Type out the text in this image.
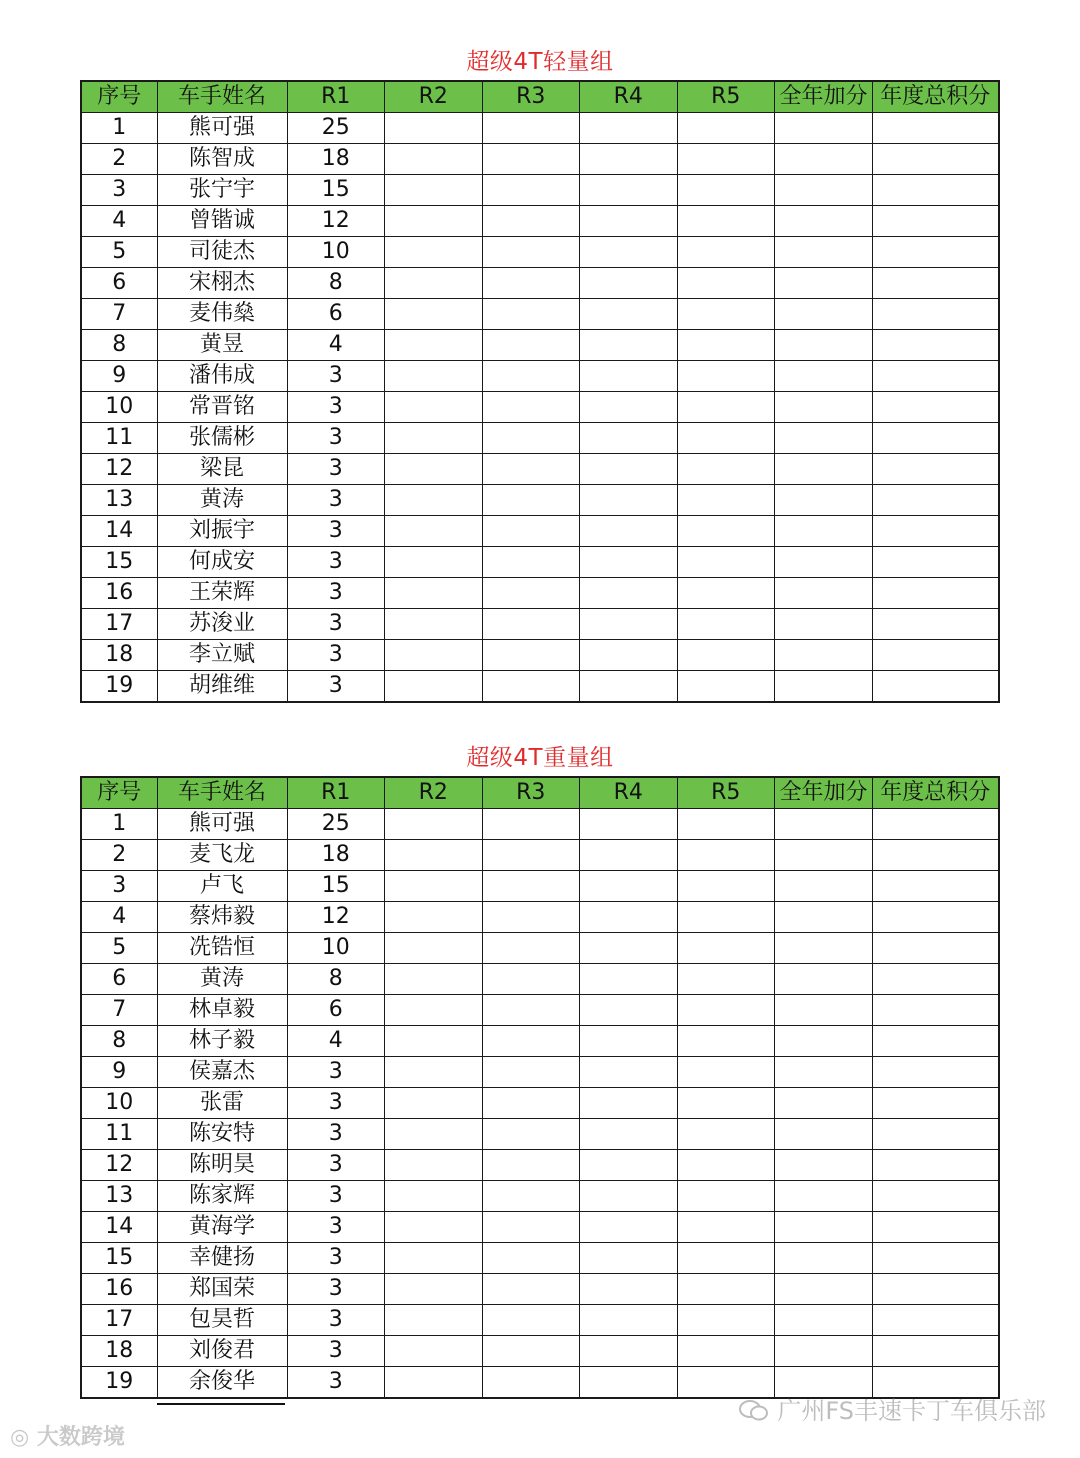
超级4T轻量组
序号	车手姓名	R1	R2	R3	R4	R5	全年加分	年度总积分
1	熊可强	25						
2	陈智成	18						
3	张宁宇	15						
4	曾锴诚	12						
5	司徒杰	10						
6	宋栩杰	8						
7	麦伟燊	6						
8	黄昱	4						
9	潘伟成	3						
10	常晋铭	3						
11	张儒彬	3						
12	梁昆	3						
13	黄涛	3						
14	刘振宇	3						
15	何成安	3						
16	王荣辉	3						
17	苏浚业	3						
18	李立赋	3						
19	胡维维	3						
超级4T重量组
序号	车手姓名	R1	R2	R3	R4	R5	全年加分	年度总积分
1	熊可强	25						
2	麦飞龙	18						
3	卢飞	15						
4	蔡炜毅	12						
5	冼锆恒	10						
6	黄涛	8						
7	林卓毅	6						
8	林子毅	4						
9	侯嘉杰	3						
10	张雷	3						
11	陈安特	3						
12	陈明昊	3						
13	陈家辉	3						
14	黄海学	3						
15	幸健扬	3						
16	郑国荣	3						
17	包昊哲	3						
18	刘俊君	3						
19	余俊华	3						
◎ 大数跨境
广州FS丰速卡丁车俱乐部
